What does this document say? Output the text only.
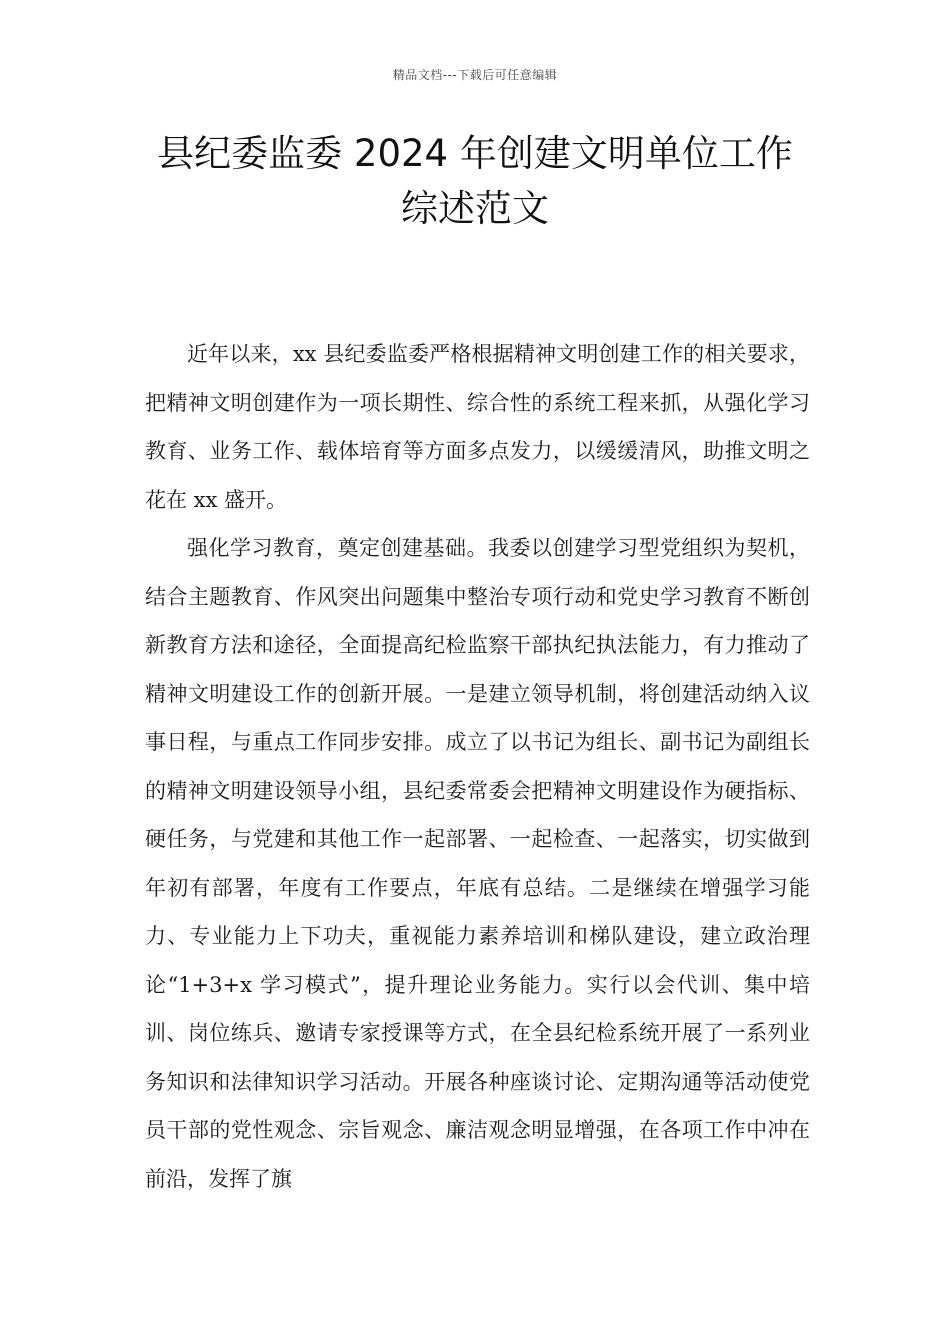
精品文档---下载后可任意编辑
县纪委监委 2024 年创建文明单位工作
综述范文

近年以来，xx 县纪委监委严格根据精神文明创建工作的相关要求，把精神文明创建作为一项长期性、综合性的系统工程来抓，从强化学习教育、业务工作、载体培育等方面多点发力，以缓缓清风，助推文明之花在 xx 盛开。

强化学习教育，奠定创建基础。我委以创建学习型党组织为契机，结合主题教育、作风突出问题集中整治专项行动和党史学习教育不断创新教育方法和途径，全面提高纪检监察干部执纪执法能力，有力推动了精神文明建设工作的创新开展。一是建立领导机制，将创建活动纳入议事日程，与重点工作同步安排。成立了以书记为组长、副书记为副组长的精神文明建设领导小组，县纪委常委会把精神文明建设作为硬指标、硬任务，与党建和其他工作一起部署、一起检查、一起落实，切实做到年初有部署，年度有工作要点，年底有总结。二是继续在增强学习能力、专业能力上下功夫，重视能力素养培训和梯队建设，建立政治理论“1+3+x 学习模式”，提升理论业务能力。实行以会代训、集中培训、岗位练兵、邀请专家授课等方式，在全县纪检系统开展了一系列业务知识和法律知识学习活动。开展各种座谈讨论、定期沟通等活动使党员干部的党性观念、宗旨观念、廉洁观念明显增强，在各项工作中冲在前沿，发挥了旗
